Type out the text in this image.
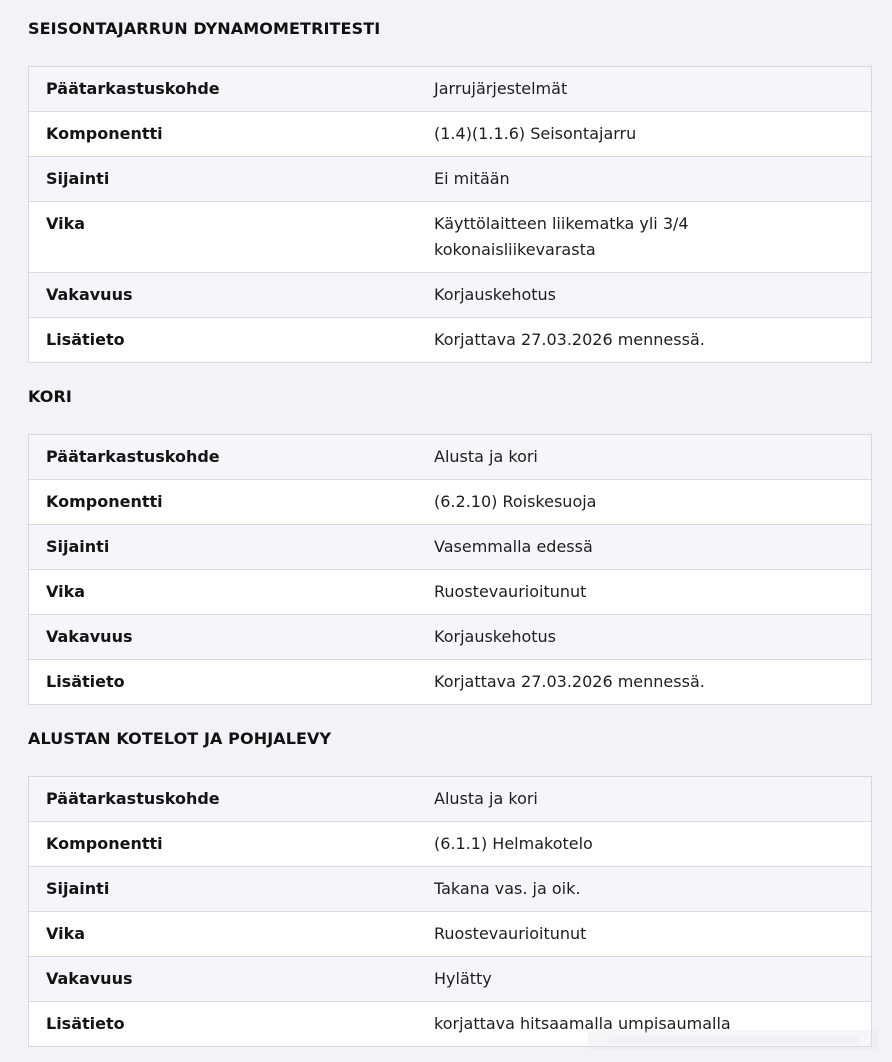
SEISONTAJARRUN DYNAMOMETRITESTI
Päätarkastuskohde	Jarrujärjestelmät
Komponentti	(1.4)(1.1.6) Seisontajarru
Sijainti	Ei mitään
Vika	Käyttölaitteen liikematka yli 3/4 kokonaisliikevarasta
Vakavuus	Korjauskehotus
Lisätieto	Korjattava 27.03.2026 mennessä.
KORI
Päätarkastuskohde	Alusta ja kori
Komponentti	(6.2.10) Roiskesuoja
Sijainti	Vasemmalla edessä
Vika	Ruostevaurioitunut
Vakavuus	Korjauskehotus
Lisätieto	Korjattava 27.03.2026 mennessä.
ALUSTAN KOTELOT JA POHJALEVY
Päätarkastuskohde	Alusta ja kori
Komponentti	(6.1.1) Helmakotelo
Sijainti	Takana vas. ja oik.
Vika	Ruostevaurioitunut
Vakavuus	Hylätty
Lisätieto	korjattava hitsaamalla umpisaumalla
